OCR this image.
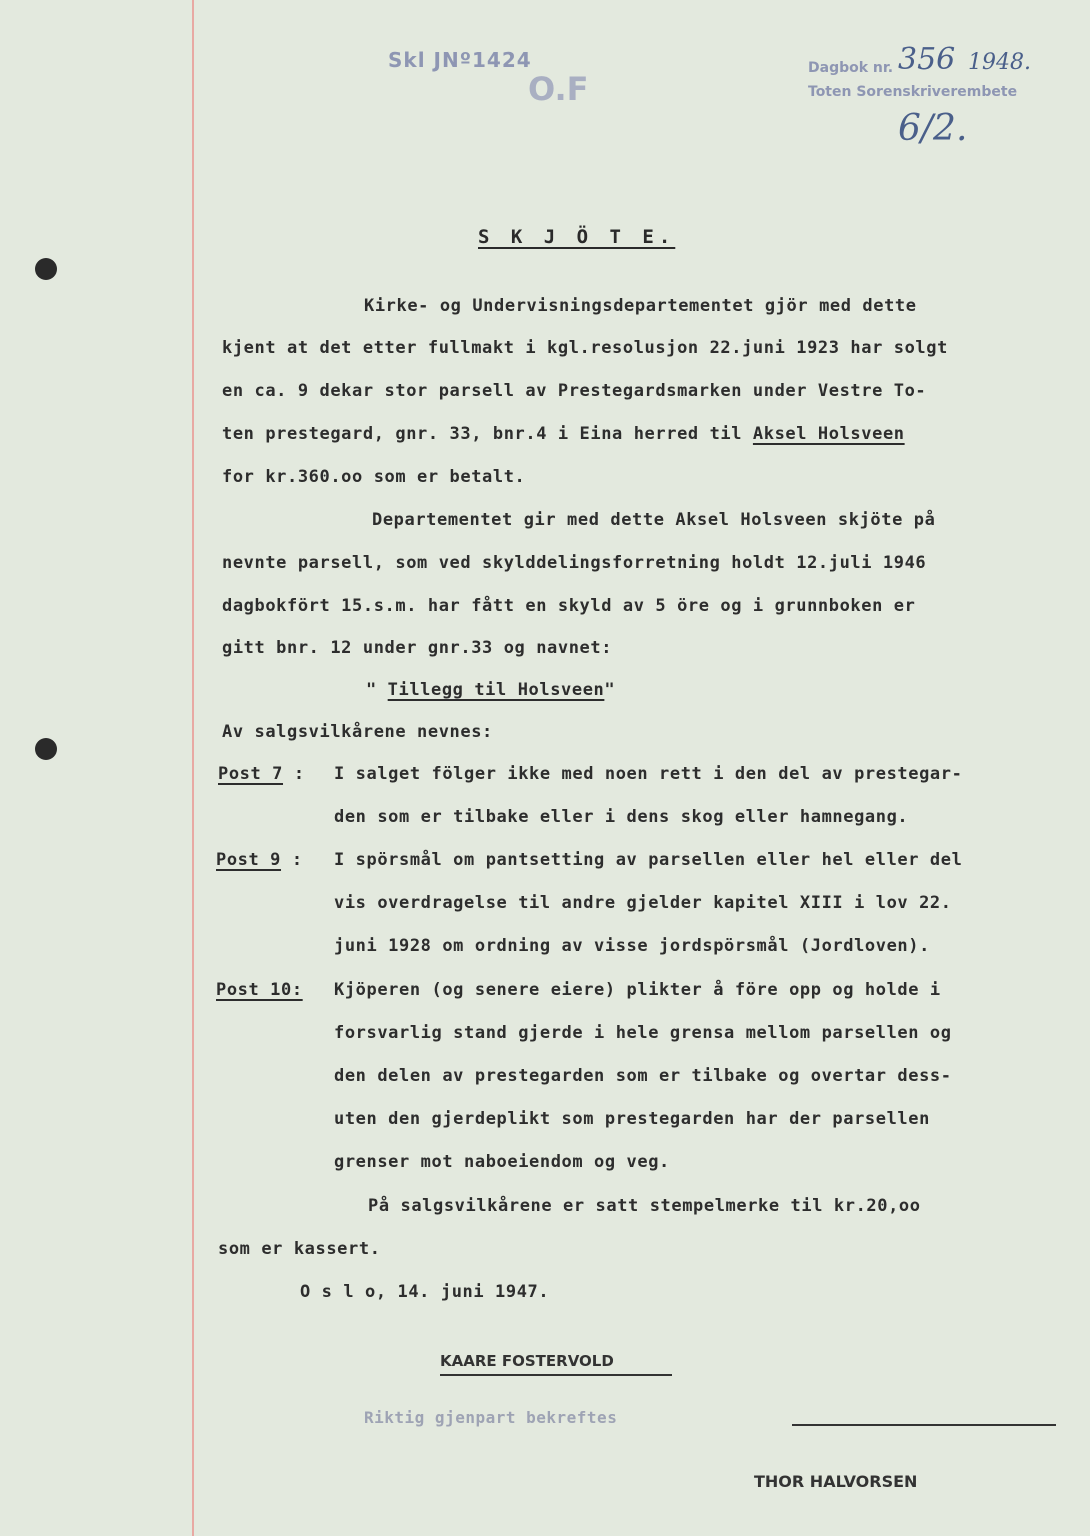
Skl JNº1424
O.F
Dagbok nr. 356 1948.
Toten Sorenskriverembete
6/2.
S K J Ö T E.
Kirke- og Undervisningsdepartementet gjör med dette
kjent at det etter fullmakt i kgl.resolusjon 22.juni 1923 har solgt
en ca. 9 dekar stor parsell av Prestegardsmarken under Vestre To-
ten prestegard, gnr. 33, bnr.4 i Eina herred til Aksel Holsveen
for kr.360.oo som er betalt.
Departementet gir med dette Aksel Holsveen skjöte på
nevnte parsell, som ved skylddelingsforretning holdt 12.juli 1946
dagbokfört 15.s.m. har fått en skyld av 5 öre og i grunnboken er
gitt bnr. 12 under gnr.33 og navnet:
" Tillegg til Holsveen"
Av salgsvilkårene nevnes:
Post 7 : I salget fölger ikke med noen rett i den del av prestegar-
den som er tilbake eller i dens skog eller hamnegang.
Post 9 : I spörsmål om pantsetting av parsellen eller hel eller del
vis overdragelse til andre gjelder kapitel XIII i lov 22.
juni 1928 om ordning av visse jordspörsmål (Jordloven).
Post 10: Kjöperen (og senere eiere) plikter å före opp og holde i
forsvarlig stand gjerde i hele grensa mellom parsellen og
den delen av prestegarden som er tilbake og overtar dess-
uten den gjerdeplikt som prestegarden har der parsellen
grenser mot naboeiendom og veg.
På salgsvilkårene er satt stempelmerke til kr.20,oo
som er kassert.
O s l o, 14. juni 1947.
KAARE FOSTERVOLD
Riktig gjenpart bekreftes
THOR HALVORSEN
